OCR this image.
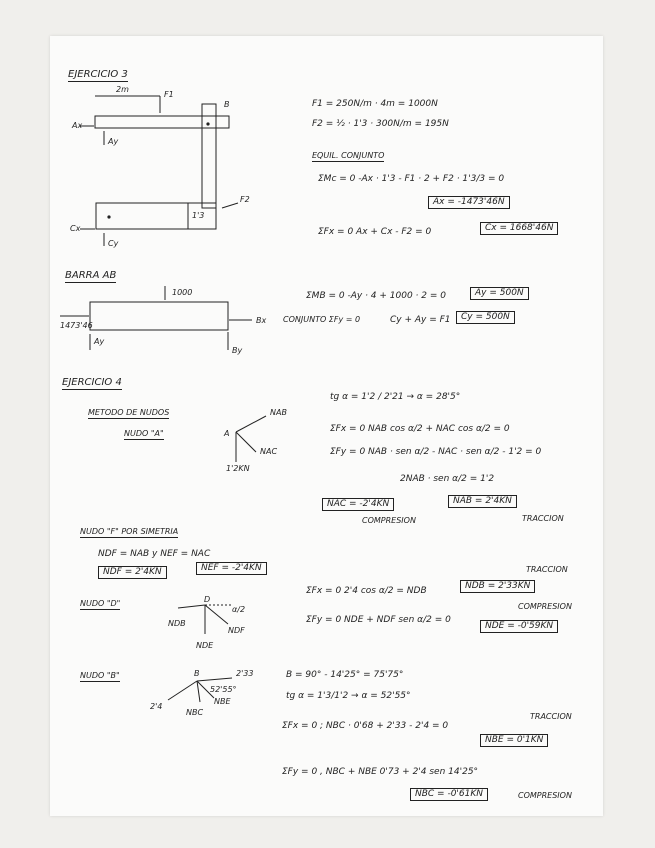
EJERCICIO 3
2m
F1
B
Ax
Ay
F2
1'3
Cx
Cy
F1 = 250N/m · 4m = 1000N
F2 = ½ · 1'3 · 300N/m = 195N
EQUIL. CONJUNTO
ΣMc = 0 -Ax · 1'3 - F1 · 2 + F2 · 1'3/3 = 0
Ax = -1473'46N
ΣFx = 0 Ax + Cx - F2 = 0	Cx = 1668'46N
BARRA AB
1000
1473'46
Ay
Bx
By
ΣMB = 0 -Ay · 4 + 1000 · 2 = 0	Ay = 500N
CONJUNTO ΣFy = 0	Cy + Ay = F1	Cy = 500N
EJERCICIO 4
METODO DE NUDOS
NUDO "A"	A
NAB
NAC
1'2KN
tg α = 1'2 / 2'21 → α = 28'5°
ΣFx = 0 NAB cos α/2 + NAC cos α/2 = 0
ΣFy = 0 NAB · sen α/2 - NAC · sen α/2 - 1'2 = 0
2NAB · sen α/2 = 1'2
NAC = -2'4KN
COMPRESION
NAB = 2'4KN
TRACCION
NUDO "F" POR SIMETRIA
NDF = NAB y NEF = NAC
NDF = 2'4KN	NEF = -2'4KN
NUDO "D"	D
α/2
NDB
NDF
NDE
TRACCION
ΣFx = 0 2'4 cos α/2 = NDB	NDB = 2'33KN
COMPRESION
ΣFy = 0 NDE + NDF sen α/2 = 0
NDE = -0'59KN
NUDO "B"	B	2'33
52'55°
2'4
NBE
NBC
B = 90° - 14'25° = 75'75°
tg α = 1'3/1'2 → α = 52'55°
TRACCION
ΣFx = 0 ; NBC · 0'68 + 2'33 - 2'4 = 0
NBE = 0'1KN
ΣFy = 0 , NBC + NBE 0'73 + 2'4 sen 14'25°
NBC = -0'61KN	COMPRESION
